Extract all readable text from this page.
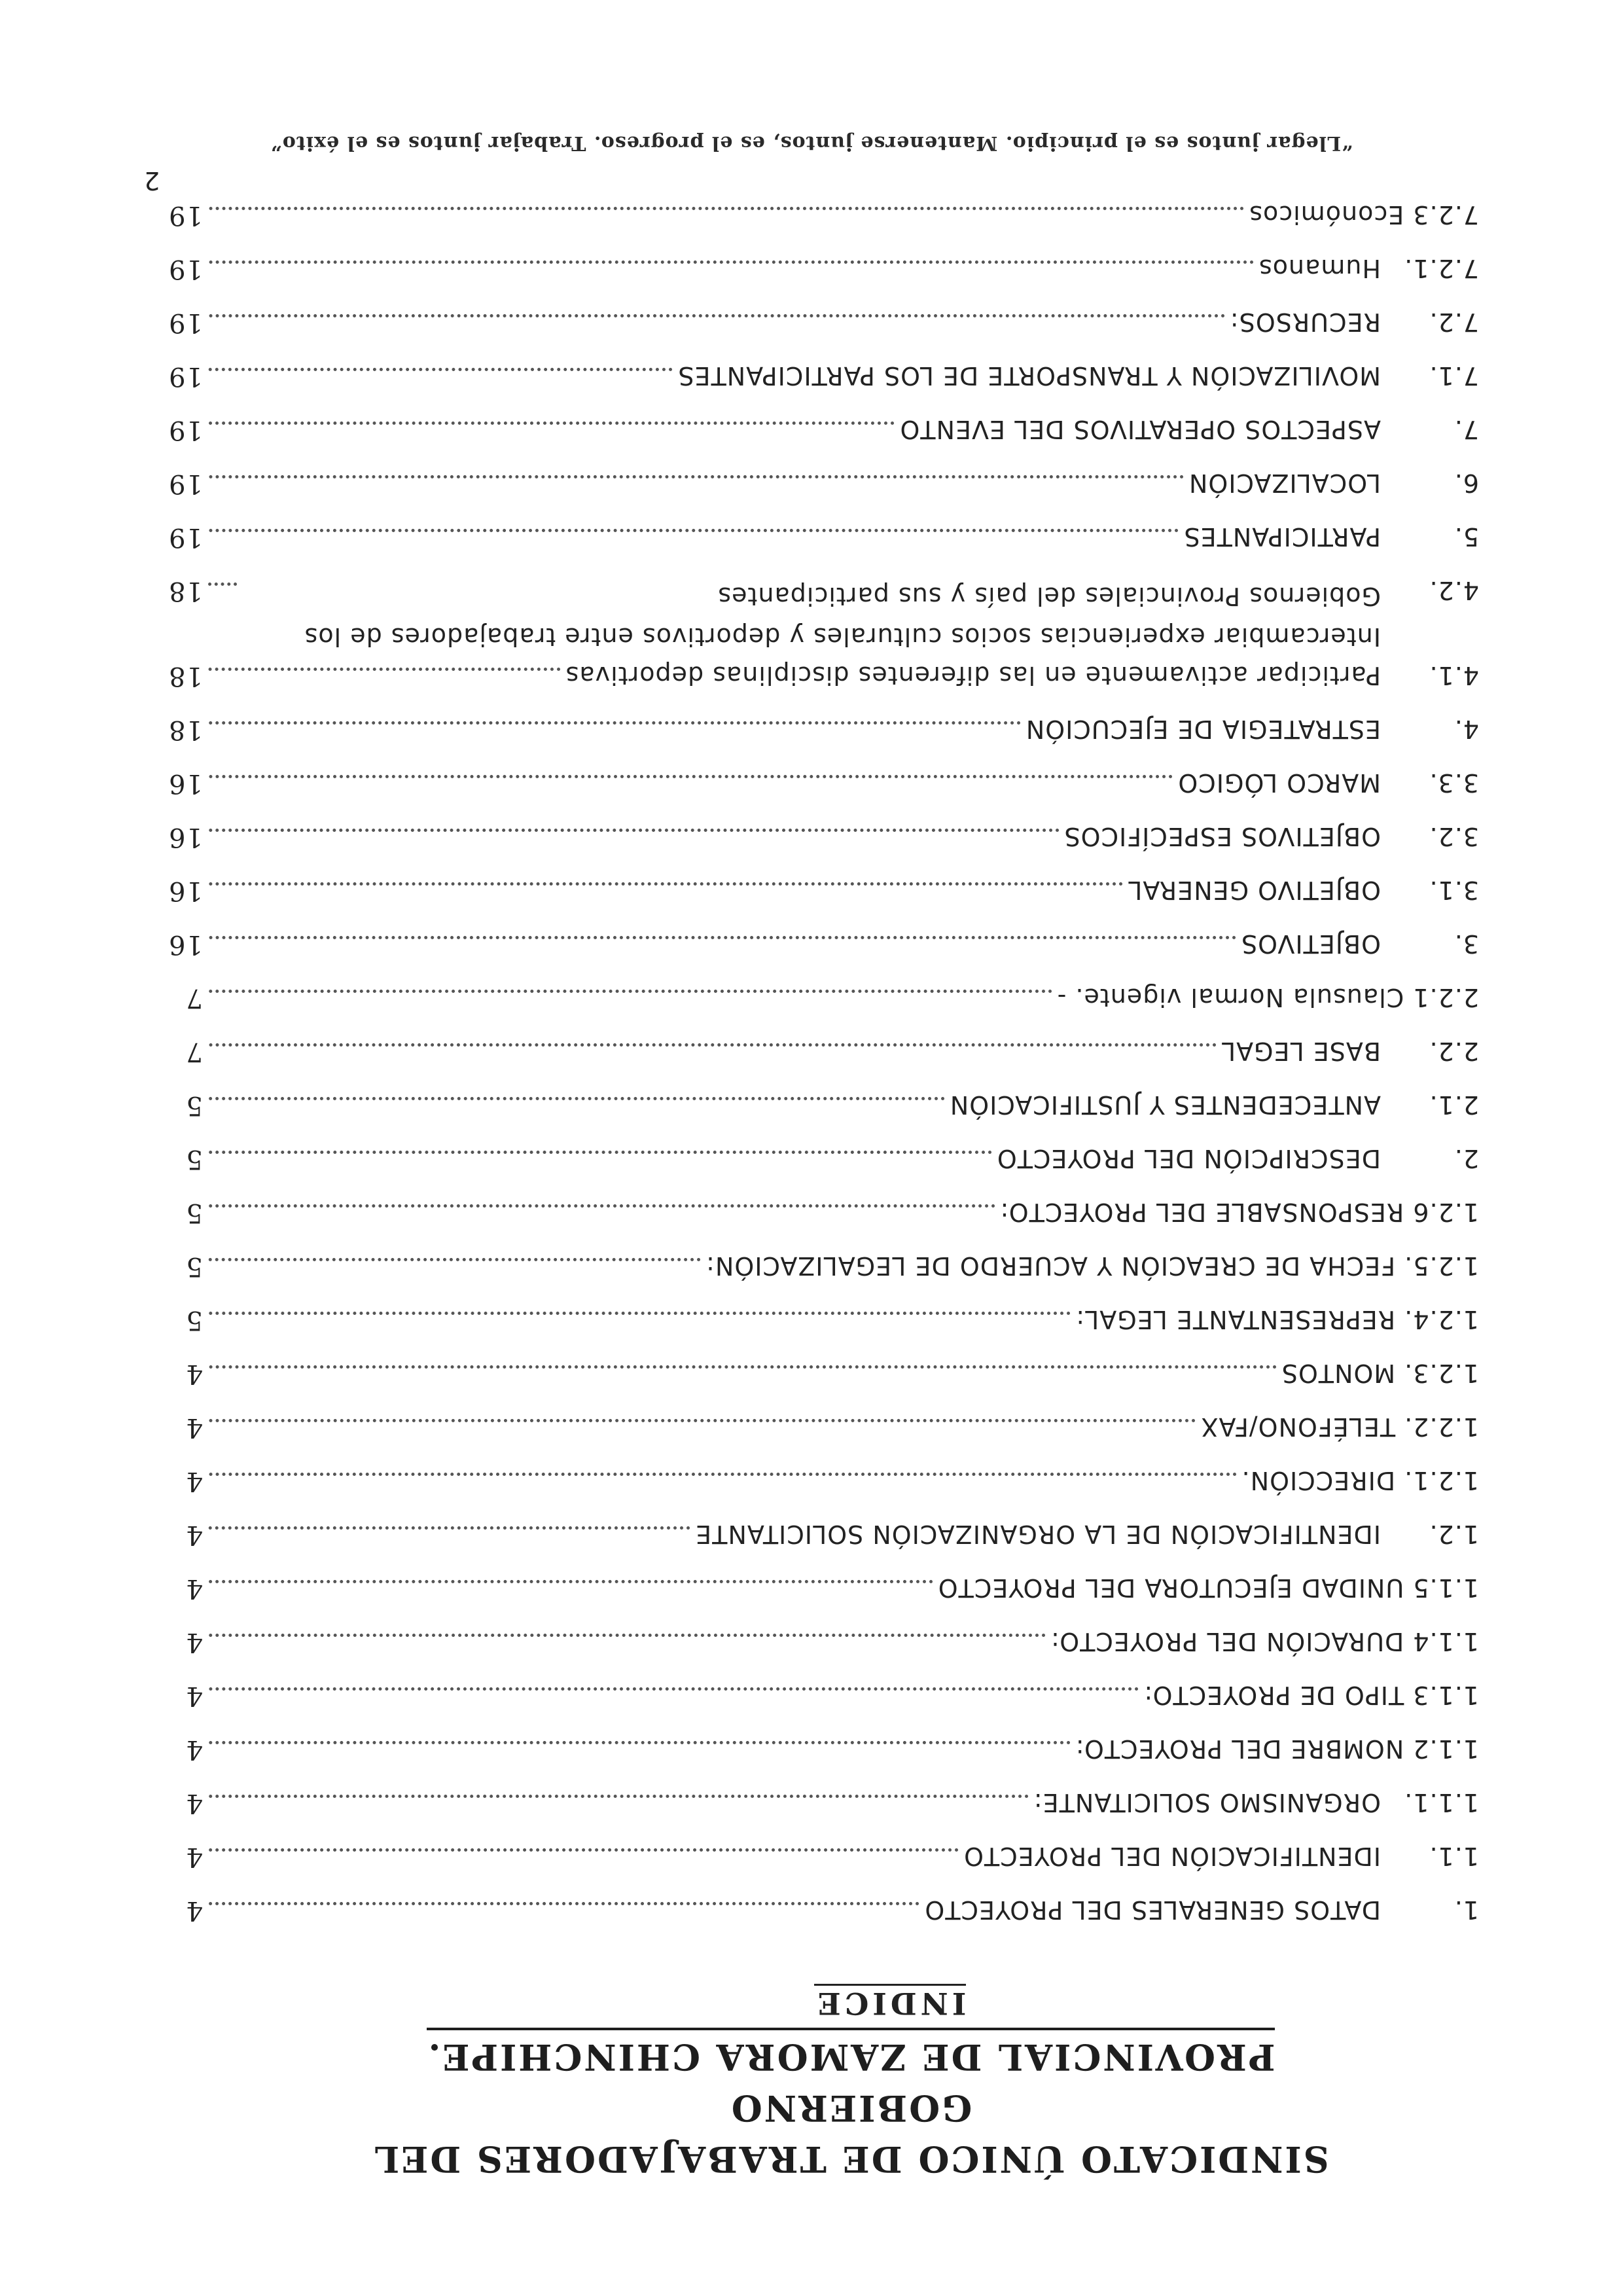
SINDICATO ÚNICO DE TRABAJADORES DEL GOBIERNO
PROVINCIAL DE ZAMORA CHINCHIPE.
INDICE
1.
DATOS GENERALES DEL PROYECTO
4
1.1.
IDENTIFICACIÓN DEL PROYECTO
4
1.1.1.
ORGANISMO SOLICITANTE:
4
1.1.2 NOMBRE DEL PROYECTO:
4
1.1.3 TIPO DE PROYECTO:
4
1.1.4 DURACIÓN DEL PROYECTO:
4
1.1.5 UNIDAD EJECUTORA DEL PROYECTO
4
1.2.
IDENTIFICACIÓN DE LA ORGANIZACIÓN SOLICITANTE
4
1.2.1. DIRECCIÓN.
4
1.2.2. TELÉFONO/FAX
4
1.2.3. MONTOS
4
1.2.4. REPRESENTANTE LEGAL:
5
1.2.5. FECHA DE CREACIÓN Y ACUERDO DE LEGALIZACIÓN:
5
1.2.6 RESPONSABLE DEL PROYECTO:
5
2.
DESCRIPCIÓN DEL PROYECTO
5
2.1.
ANTECEDENTES Y JUSTIFICACIÓN
5
2.2.
BASE LEGAL
7
2.2.1 Clausula Normal vigente. -
7
3.
OBJETIVOS
16
3.1.
OBJETIVO GENERAL
16
3.2.
OBJETIVOS ESPECÍFICOS
16
3.3.
MARCO LÓGICO
16
4.
ESTRATEGIA DE EJECUCIÓN
18
4.1.
Participar activamente en las diferentes disciplinas deportivas
18
4.2.
Intercambiar experiencias socios culturales y deportivos entre trabajadores de los Gobiernos Provinciales del país y sus participantes
18
5.
PARTICIPANTES
19
6.
LOCALIZACIÓN
19
7.
ASPECTOS OPERATIVOS DEL EVENTO
19
7.1.
MOVILIZACIÓN Y TRANSPORTE DE LOS PARTICIPANTES
19
7.2.
RECURSOS:
19
7.2.1.
Humanos
19
7.2.3 Económicos
19
2
“Llegar juntos es el principio. Mantenerse juntos, es el progreso. Trabajar juntos es el éxito”
